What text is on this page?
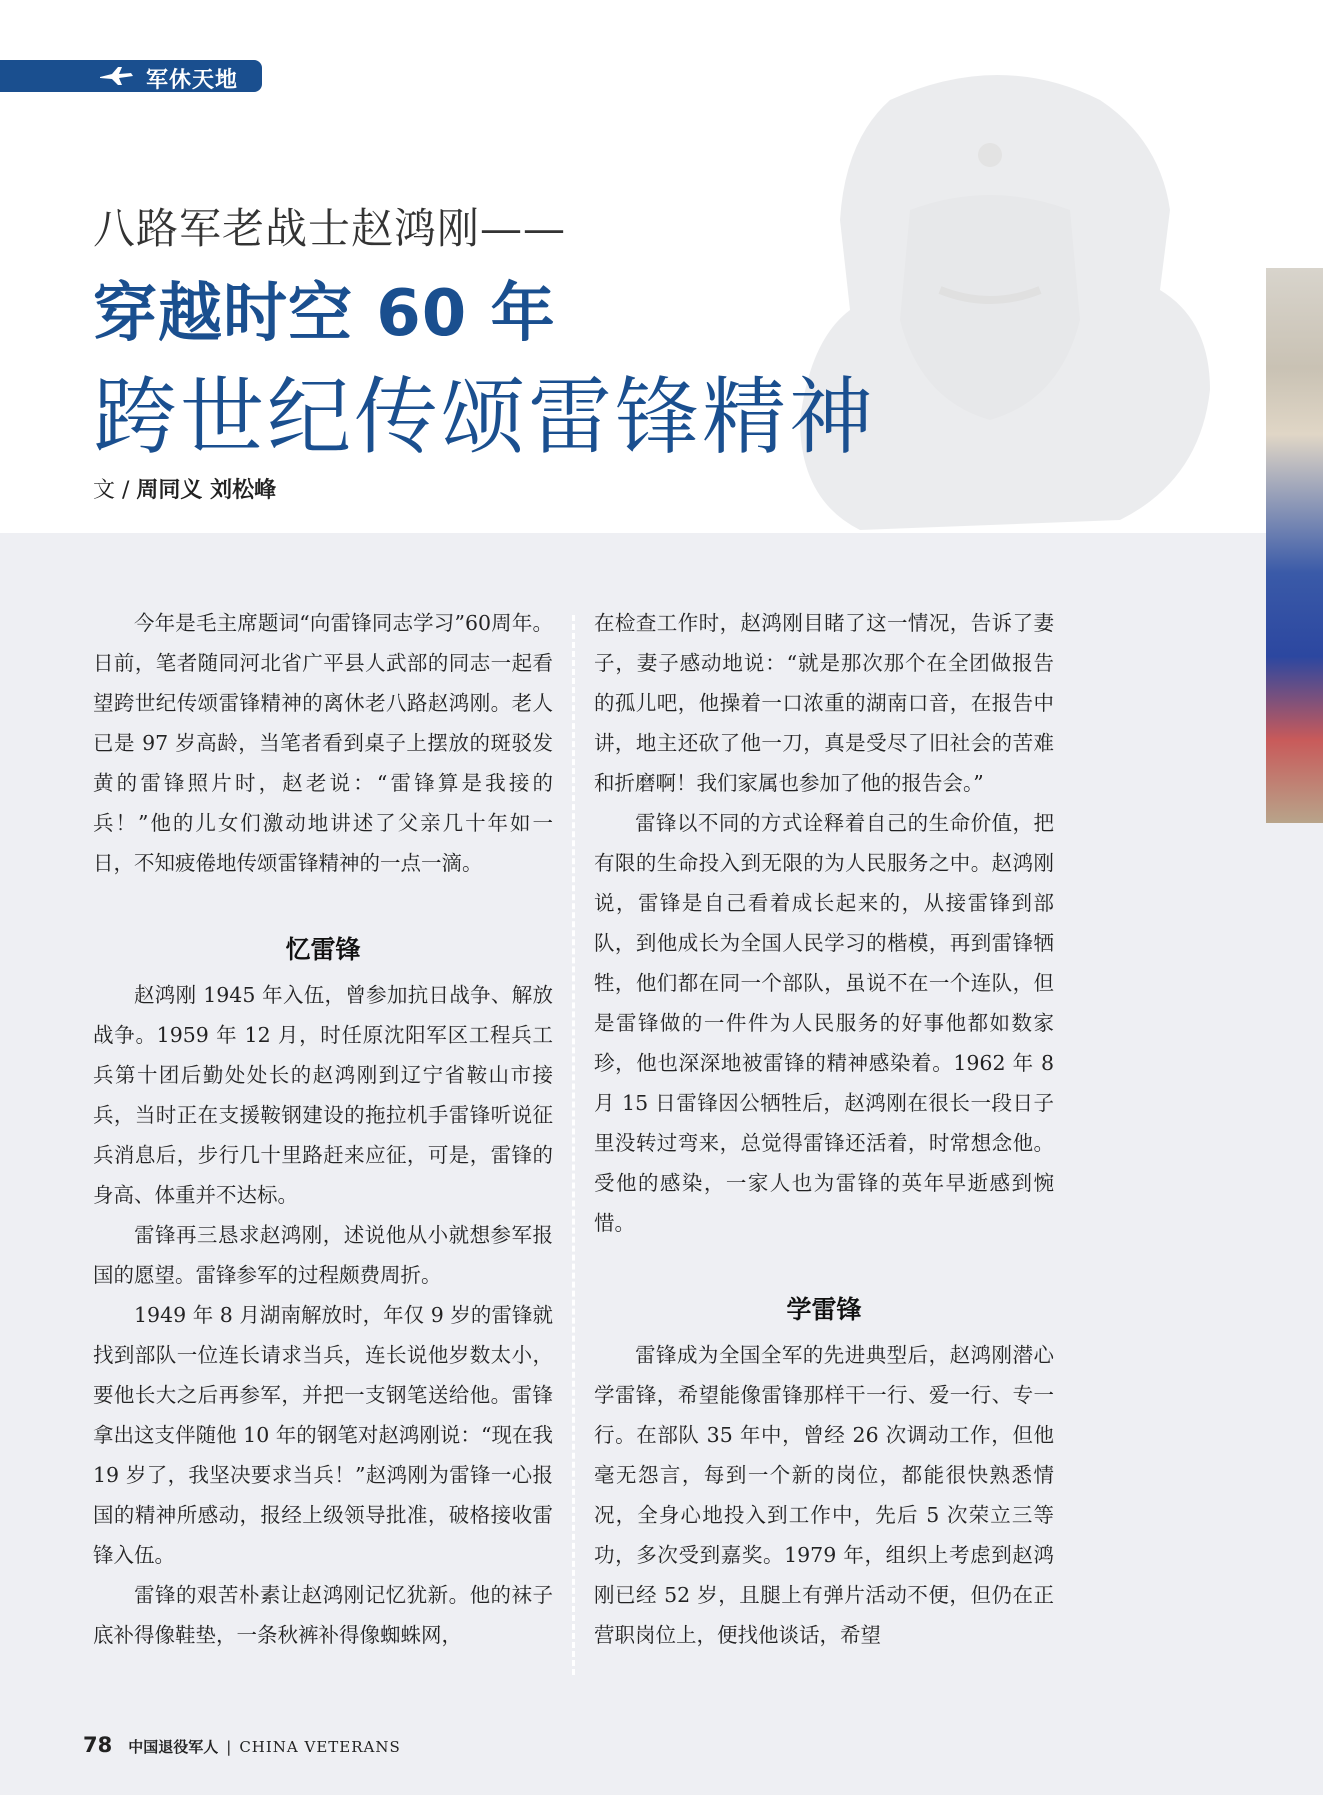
军休天地
八路军老战士赵鸿刚——
穿越时空 60 年
跨世纪传颂雷锋精神
文 / 周同义 刘松峰

今年是毛主席题词“向雷锋同志学习”60周年。日前，笔者随同河北省广平县人武部的同志一起看望跨世纪传颂雷锋精神的离休老八路赵鸿刚。老人已是 97 岁高龄，当笔者看到桌子上摆放的斑驳发黄的雷锋照片时，赵老说：“雷锋算是我接的兵！”他的儿女们激动地讲述了父亲几十年如一日，不知疲倦地传颂雷锋精神的一点一滴。

忆雷锋

赵鸿刚 1945 年入伍，曾参加抗日战争、解放战争。1959 年 12 月，时任原沈阳军区工程兵工兵第十团后勤处处长的赵鸿刚到辽宁省鞍山市接兵，当时正在支援鞍钢建设的拖拉机手雷锋听说征兵消息后，步行几十里路赶来应征，可是，雷锋的身高、体重并不达标。

雷锋再三恳求赵鸿刚，述说他从小就想参军报国的愿望。雷锋参军的过程颇费周折。

1949 年 8 月湖南解放时，年仅 9 岁的雷锋就找到部队一位连长请求当兵，连长说他岁数太小，要他长大之后再参军，并把一支钢笔送给他。雷锋拿出这支伴随他 10 年的钢笔对赵鸿刚说：“现在我 19 岁了，我坚决要求当兵！”赵鸿刚为雷锋一心报国的精神所感动，报经上级领导批准，破格接收雷锋入伍。

雷锋的艰苦朴素让赵鸿刚记忆犹新。他的袜子底补得像鞋垫，一条秋裤补得像蜘蛛网，

在检查工作时，赵鸿刚目睹了这一情况，告诉了妻子，妻子感动地说：“就是那次那个在全团做报告的孤儿吧，他操着一口浓重的湖南口音，在报告中讲，地主还砍了他一刀，真是受尽了旧社会的苦难和折磨啊！我们家属也参加了他的报告会。”

雷锋以不同的方式诠释着自己的生命价值，把有限的生命投入到无限的为人民服务之中。赵鸿刚说，雷锋是自己看着成长起来的，从接雷锋到部队，到他成长为全国人民学习的楷模，再到雷锋牺牲，他们都在同一个部队，虽说不在一个连队，但是雷锋做的一件件为人民服务的好事他都如数家珍，他也深深地被雷锋的精神感染着。1962 年 8 月 15 日雷锋因公牺牲后，赵鸿刚在很长一段日子里没转过弯来，总觉得雷锋还活着，时常想念他。受他的感染，一家人也为雷锋的英年早逝感到惋惜。

学雷锋

雷锋成为全国全军的先进典型后，赵鸿刚潜心学雷锋，希望能像雷锋那样干一行、爱一行、专一行。在部队 35 年中，曾经 26 次调动工作，但他毫无怨言，每到一个新的岗位，都能很快熟悉情况，全身心地投入到工作中，先后 5 次荣立三等功，多次受到嘉奖。1979 年，组织上考虑到赵鸿刚已经 52 岁，且腿上有弹片活动不便，但仍在正营职岗位上，便找他谈话，希望

78 中国退役军人 | CHINA VETERANS
